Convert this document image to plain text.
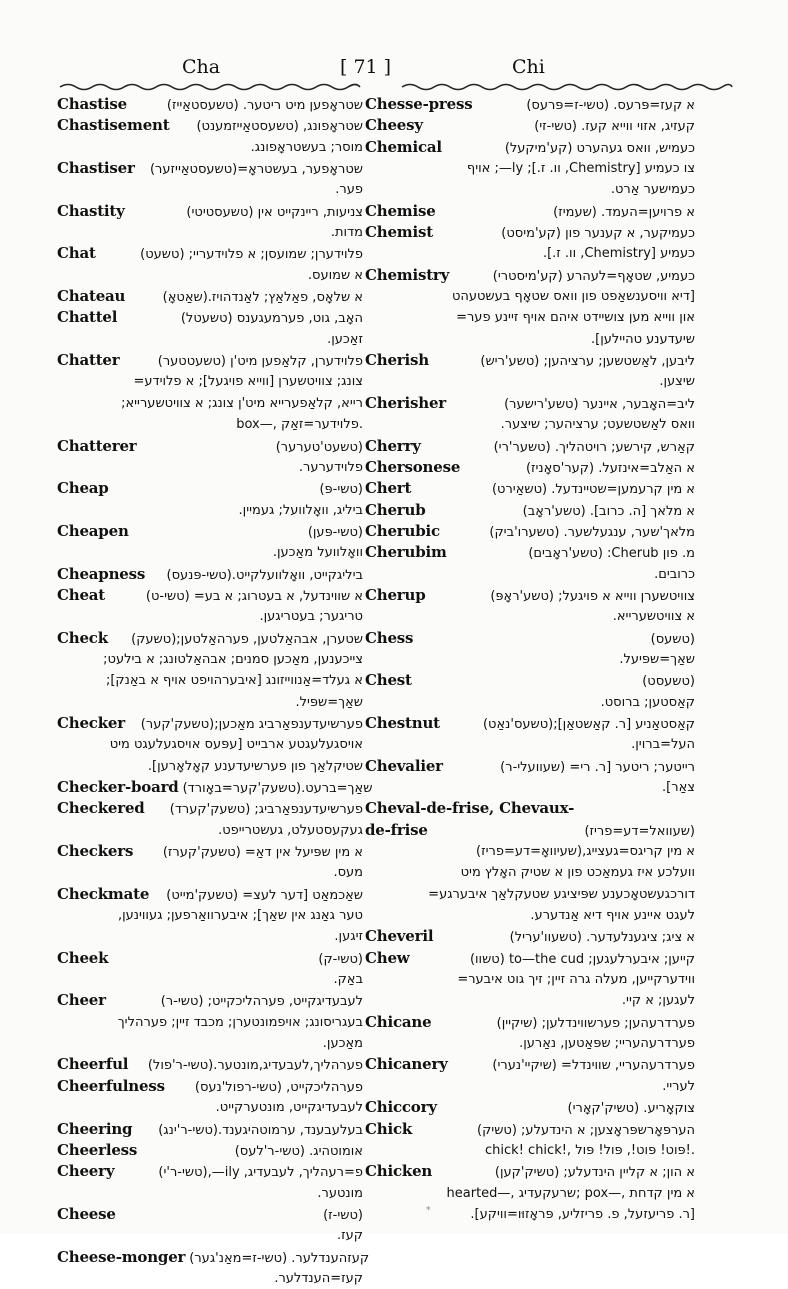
Cha	[ 71 ]	Chi
Chastise	שטראָפען מיט ריטער. (טשעסטאַייז)
Chastisement	שטראָפונג, (טשעסטאַייזמענט)
מוסר; בעשטראָפונג.
Chastiser	שטראָפער, בעשטראָ=(טשעסטאַייזער)
פער.
Chastity	צניעות, ריינקייט אין (טשעסטיטי)
מדות.
Chat	פלוידערן; שמועסן; א פלוידעריי; (טשעט)
א שמועס.
Chateau	א שלאָס, פאַלאַץ; לאַנדהויז.(שאַטאָ)
Chattel	האָב, גוט, פערמעגענס (טשעטל)
זאַכען.
Chatter	פלוידערן, קלאַפען מיט'ן (טשעטטער)
צונג; צוויטשערן [ווייא פויגעל]; א פלוידע=
רייא, קלאַפערייא מיט'ן צונג; א צוויטשערייא;
box—, פלוידער=זאַק.
Chatterer	(טשעט'טערער)
פלוידערער.
Cheap	(טשי-פּ)
ביליג, וואָלוועל; געמיין.
Cheapen	(טשי-פּען)
וואָלוועל מאַכען.
Cheapness	ביליגקייט, וואָלוועלקייט.(טשי-פּנעס)
Cheat	א שווינדעל, א בעטרוג; א בע= (טשי-ט)
טריגער; בעטריגען.
Check	שטערן, אבהאַלטען, פערהאַלטען;(טשעק)
צייכענען, מאַכען סמנים; אבהאַלטונג; א בילעט;
א געלד=אַנווייזונג [איבערהויפט אויף א באַנק];
שאַך=שפּיל.
Checker	פערשיעדענפאַרביג מאַכען;(טשעק'קער)
אויסגעלעגטע ארבייט [עפּעס אויסגעלעגט מיט
שטיקלאַך פון פערשיעדענע קאָלאָרען].
Checker-board שאַך=ברעט.(טשעק'קער=באָורד)
Checkered	פערשיעדענפאַרביג; (טשעק'קערד)
געקעסטעלט, געשטרייפט.
Checkers	א מין שפּיעל אין דאַ= (טשעק'קערז)
מעס.
Checkmate	שאַכמאַט [דער לעצ= (טשעק'מייט)
טער גאַנג אין שאַך]; איבערוואַרפען; געווינען,
זיגען.
Cheek	(טשי-ק)
באַק.
Cheer	לעבעדיגקייט, פערהליכקייט; (טשי-ר)
בעגריסונג; אויפמונטערן; מכבד זיין; פערהליך
מאַכען.
Cheerful	פערהליך,לעבעדיג,מונטער.(טשי-ר'פול)
Cheerfulness	פערהליכקייט, (טשי-רפול'נעס)
לעבעדיגקייט, מונטערקייט.
Cheering	בעלעבענד, ערמוטהיגענד.(טשי-ר'ינג)
Cheerless	אומוטהיג. (טשי-ר'לעס)
Cheery	פ=רעהליך, לעבעדיג, ily—,(טשי-ר'י)
מונטער.
Cheese	(טשי-ז)
קעז.
Cheese-monger קעזהענדלער. (טשי-ז=מאַנ'גער)
קעז=הענדלער.
Chesse-press	א קעז=פּרעס. (טשי-ז=פּרעס)
Cheesy	קעזיג, אזוי ווייא קעז. (טשי-זי)
Chemical	כעמיש, וואס געהערט (קע'מיקעל)
צו כעמיע [Chemistry, וו. ז.]; ly—; אויף
כעמישער אַרט.
Chemise	א פרויען=העמד. (שעמיז)
Chemist	כעמיקער, א קענער פון (קע'מיסט)
כעמיע [Chemistry, וו. ז.].
Chemistry	כעמיע, שטאָף=לעהרע (קע'מיסטרי)
[דיא וויסענשאַפט פון וואס שטאָף בעשטעהט
און ווייא מען צושיידט איהם אויף זיינע פער=
שיעדענע טהיילען].
Cherish	ליבען, לאַשטשען; ערציהען; (טשע'ריש)
שיצען.
Cherisher	ליב=האָבער, איינער (טשע'רישער)
וואס לאַשטשעט; ערציהער; שיצער.
Cherry	קאַרש, קירשע; רויטהליך. (טשער'רי)
Chersonese	א האַלב=אינזעל. (קער'סאָניז)
Chert	א מין קרעמען=שטיינדעל. (טשאַירט)
Cherub	א מלאך [ה. כרוב]. (טשע'ראָב)
Cherubic	מלאך'שער, ענגעלשער. (טשערו'ביק)
Cherubim	מ. פון Cherub: (טשע'ראָבים)
כרובים.
Cherup	צוויטשערן ווייא א פויגעל; (טשע'ראָפּ)
א צוויטשערייא.
Chess	(טשעס)
שאַך=שפּיעל.
Chest	(טשעסט)
קאַסטען; ברוסט.
Chestnut	קאַסטאַניע [ר. קאַשטאַן];(טשעס'נאַט)
העל=ברוין.
Chevalier	רייטער; ריטער [ר. רי= (שעוועלי-ר)
צאַר].
Cheval-de-frise, Chevaux-
de-frise	(שעוואל=דע=פריז)
א מין קריגס=געצייג,(שעיוואָ=דע=פריז)
וועלכע איז געמאַכט פון א שטיק האָלץ מיט
דורכגעשטאָכענע שפּיציגע שטעקלאַך איבערגע=
לעגט איינע אויף דיא אַנדערע.
Cheveril	א ציג; ציגענלעדער. (טשעוו'עריל)
Chew	קייען; איבערלעגען; to—the cud (טשוו)
ווידערקייען, מעלה גרה זיין; זיך גוט איבער=
לעגען; א קיי.
Chicane	פערדרעהען; פערשווינדלען; (שיקיין)
פערדרעהעריי; שפּאַטען, נאַרען.
Chicanery	פערדרעהעריי, שווינדל= (שיקיי'נערי)
לעריי.
Chiccory	צוקאָריע. (טשיק'קאָרי)
Chick	הערפּאָרשפּראָצען; א הינדעלע; (טשיק)
chick! chick!, פּוט! פּוט!, פּול! פּול!.
Chicken	א הון; א קליין הינדעלע; (טשיק'קען)
hearted—, שרעקעדיג; pox—, א מין קדחת
[ר. פריעזעל, פ. פריזליע, פּראָזוּו=וויקע].
*
